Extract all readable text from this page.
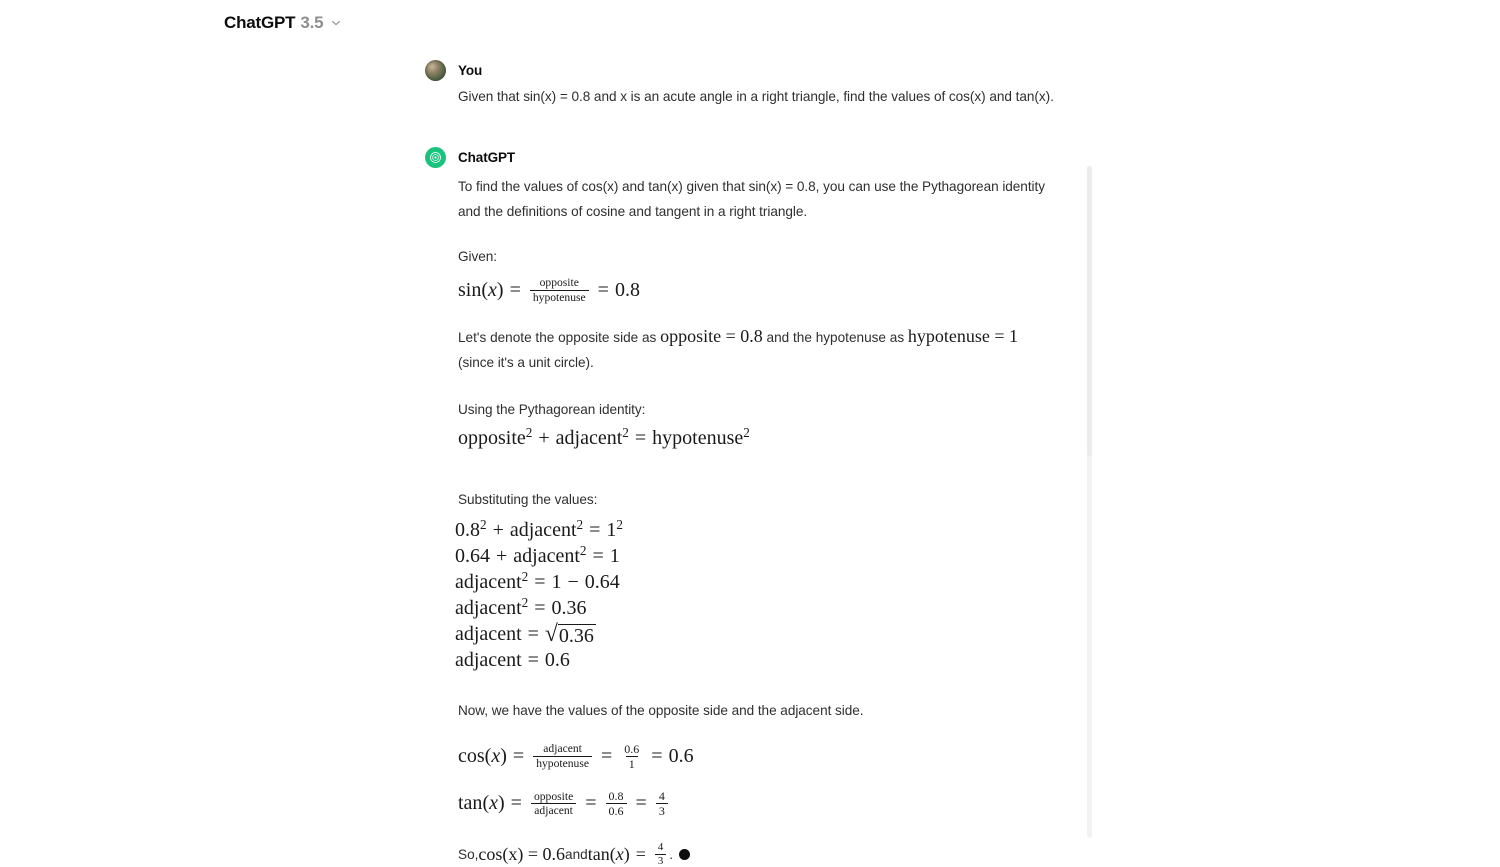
ChatGPT 3.5
You

Given that sin(x) = 0.8 and x is an acute angle in a right triangle, find the values of cos(x) and tan(x).

ChatGPT

To find the values of cos(x) and tan(x) given that sin(x) = 0.8, you can use the Pythagorean identity and the definitions of cosine and tangent in a right triangle.

Given:

sin ( x ) = $\frac{\text{opposite}}{\text{hypotenuse}} = 0.8$

Let's denote the opposite side as opposite = 0.8 and the hypotenuse as hypotenuse = 1

(since it's a unit circle).

Using the Pythagorean identity:

opposite 2 + adjacent 2 = hypotenuse 2

Substituting the values:

0.8 2 + adjacent 2 = 1 2
0.64 + adjacent 2 = 1
adjacent 2 = 1 − 0.64
adjacent 2 = 0.36
adjacent = √ 0.36
adjacent = 0.6

Now, we have the values of the opposite side and the adjacent side.

cos ( x ) = $\frac{\text{adjacent}}{\text{hypotenuse}} = \frac{0.6}{1} = 0.6$
tan ( x ) = $\frac{\text{opposite}}{\text{adjacent}} = \frac{0.8}{0.6} = \frac{4}{3}$

So, cos(x) = 0.6 and tan ( x ) = $\frac{4}{3}$ .
